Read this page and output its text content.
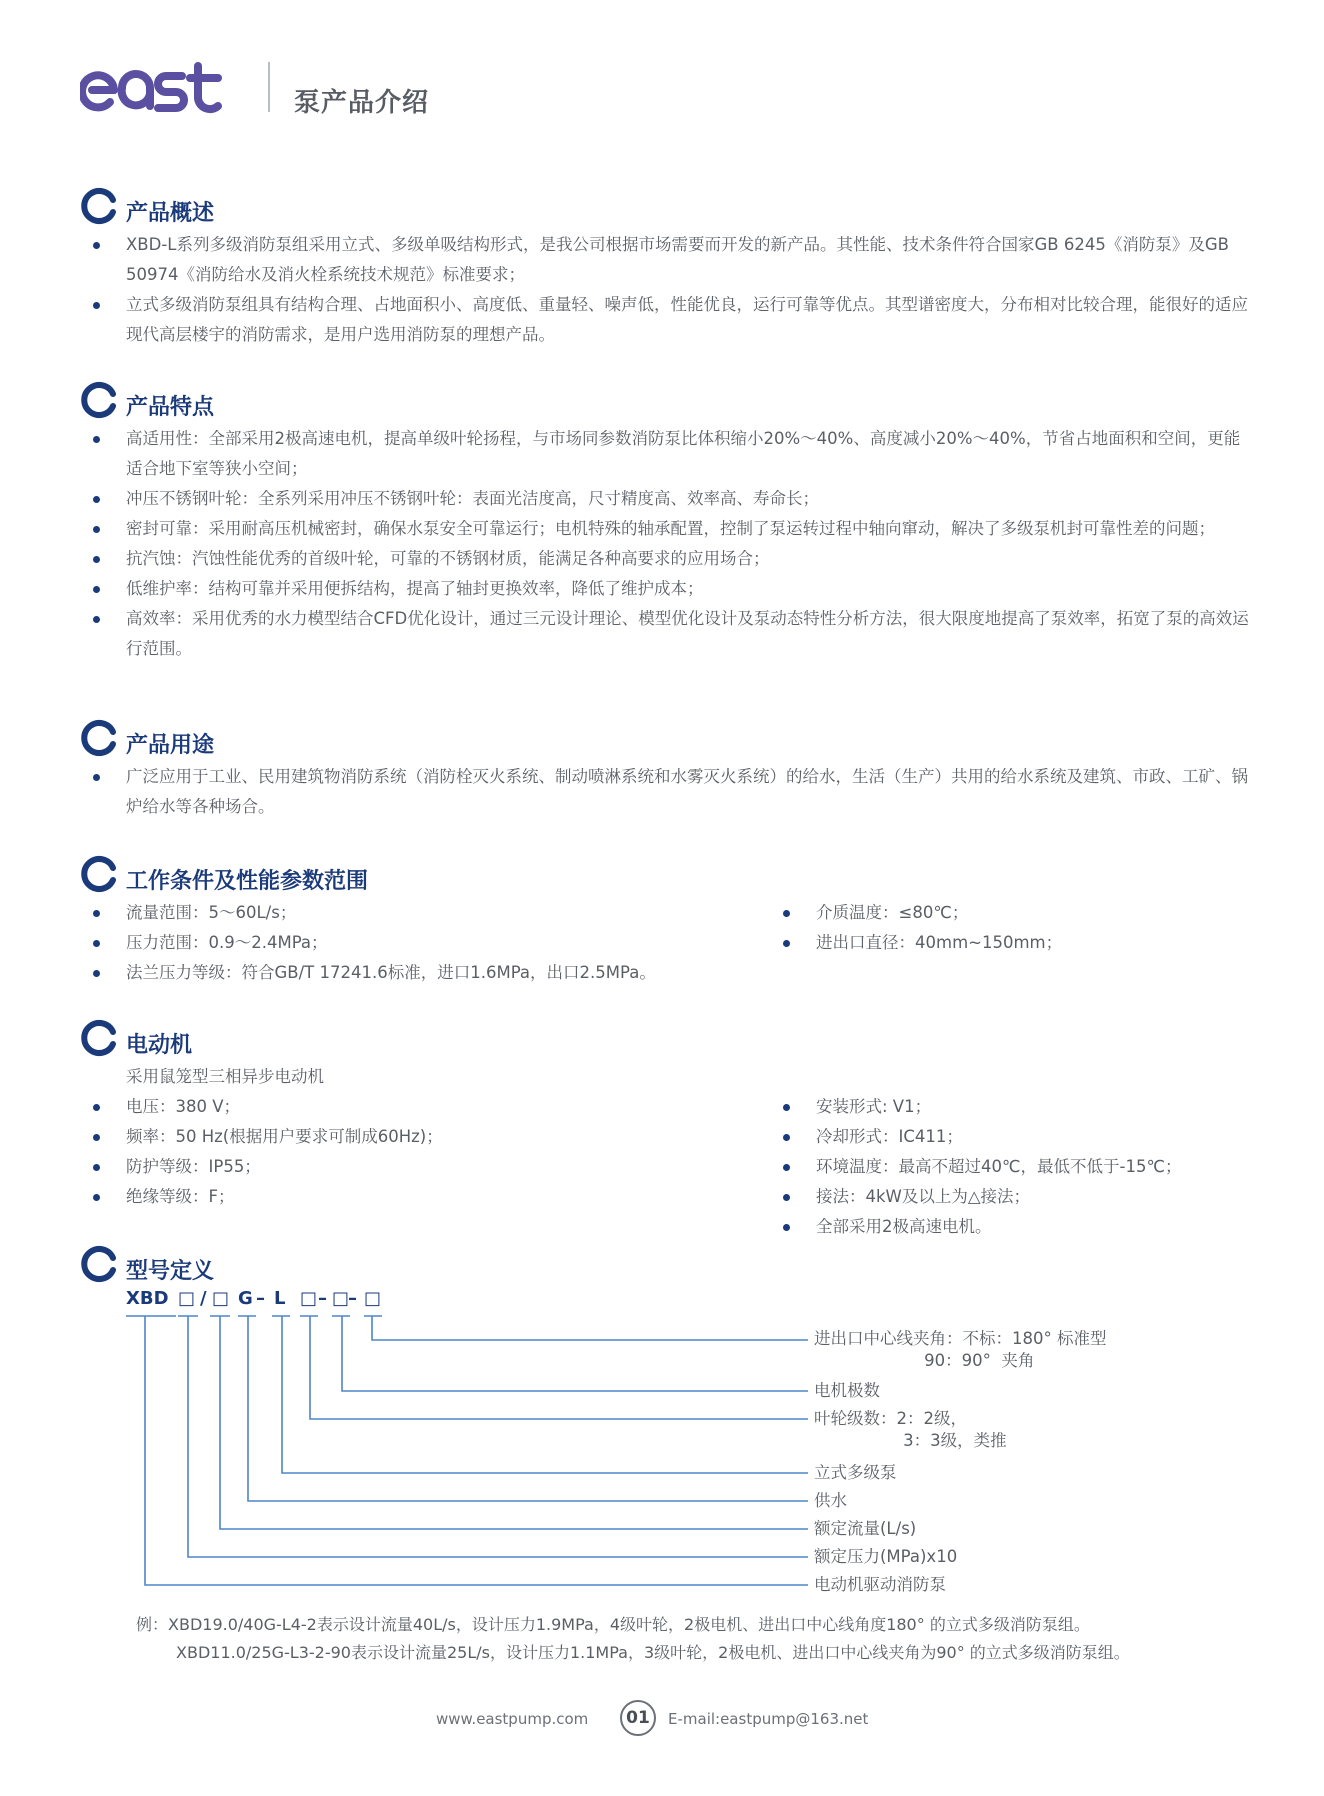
泵产品介绍
产品概述
XBD-L系列多级消防泵组采用立式、多级单吸结构形式，是我公司根据市场需要而开发的新产品。其性能、技术条件符合国家GB 6245《消防泵》及GB 50974《消防给水及消火栓系统技术规范》标准要求；
立式多级消防泵组具有结构合理、占地面积小、高度低、重量轻、噪声低，性能优良，运行可靠等优点。其型谱密度大，分布相对比较合理，能很好的适应现代高层楼宇的消防需求，是用户选用消防泵的理想产品。
产品特点
高适用性：全部采用2极高速电机，提高单级叶轮扬程，与市场同参数消防泵比体积缩小20%～40%、高度减小20%～40%，节省占地面积和空间，更能适合地下室等狭小空间；
冲压不锈钢叶轮：全系列采用冲压不锈钢叶轮：表面光洁度高，尺寸精度高、效率高、寿命长；
密封可靠：采用耐高压机械密封，确保水泵安全可靠运行；电机特殊的轴承配置，控制了泵运转过程中轴向窜动，解决了多级泵机封可靠性差的问题；
抗汽蚀：汽蚀性能优秀的首级叶轮，可靠的不锈钢材质，能满足各种高要求的应用场合；
低维护率：结构可靠并采用便拆结构，提高了轴封更换效率，降低了维护成本；
高效率：采用优秀的水力模型结合CFD优化设计，通过三元设计理论、模型优化设计及泵动态特性分析方法，很大限度地提高了泵效率，拓宽了泵的高效运行范围。
产品用途
广泛应用于工业、民用建筑物消防系统（消防栓灭火系统、制动喷淋系统和水雾灭火系统）的给水，生活（生产）共用的给水系统及建筑、市政、工矿、锅炉给水等各种场合。
工作条件及性能参数范围
流量范围：5～60L/s；
压力范围：0.9～2.4MPa；
法兰压力等级：符合GB/T 17241.6标准，进口1.6MPa，出口2.5MPa。
介质温度：≤80℃；
进出口直径：40mm~150mm；
电动机
采用鼠笼型三相异步电动机
电压：380 V；
频率：50 Hz(根据用户要求可制成60Hz)；
防护等级：IP55；
绝缘等级：F；
安装形式: V1；
冷却形式：IC411；
环境温度：最高不超过40℃，最低不低于-15℃；
接法：4kW及以上为△接法；
全部采用2极高速电机。
型号定义
XBD □ / □ G – L □ – □
– □
进出口中心线夹角：不标：180° 标准型
90：90°  夹角
电机极数
叶轮级数：2：2级，
3：3级，类推
立式多级泵
供水
额定流量(L/s)
额定压力(MPa)x10
电动机驱动消防泵
例：XBD19.0/40G-L4-2表示设计流量40L/s，设计压力1.9MPa，4级叶轮，2极电机、进出口中心线角度180° 的立式多级消防泵组。
XBD11.0/25G-L3-2-90表示设计流量25L/s，设计压力1.1MPa，3级叶轮，2极电机、进出口中心线夹角为90° 的立式多级消防泵组。
www.eastpump.com	01	E-mail:eastpump@163.net
